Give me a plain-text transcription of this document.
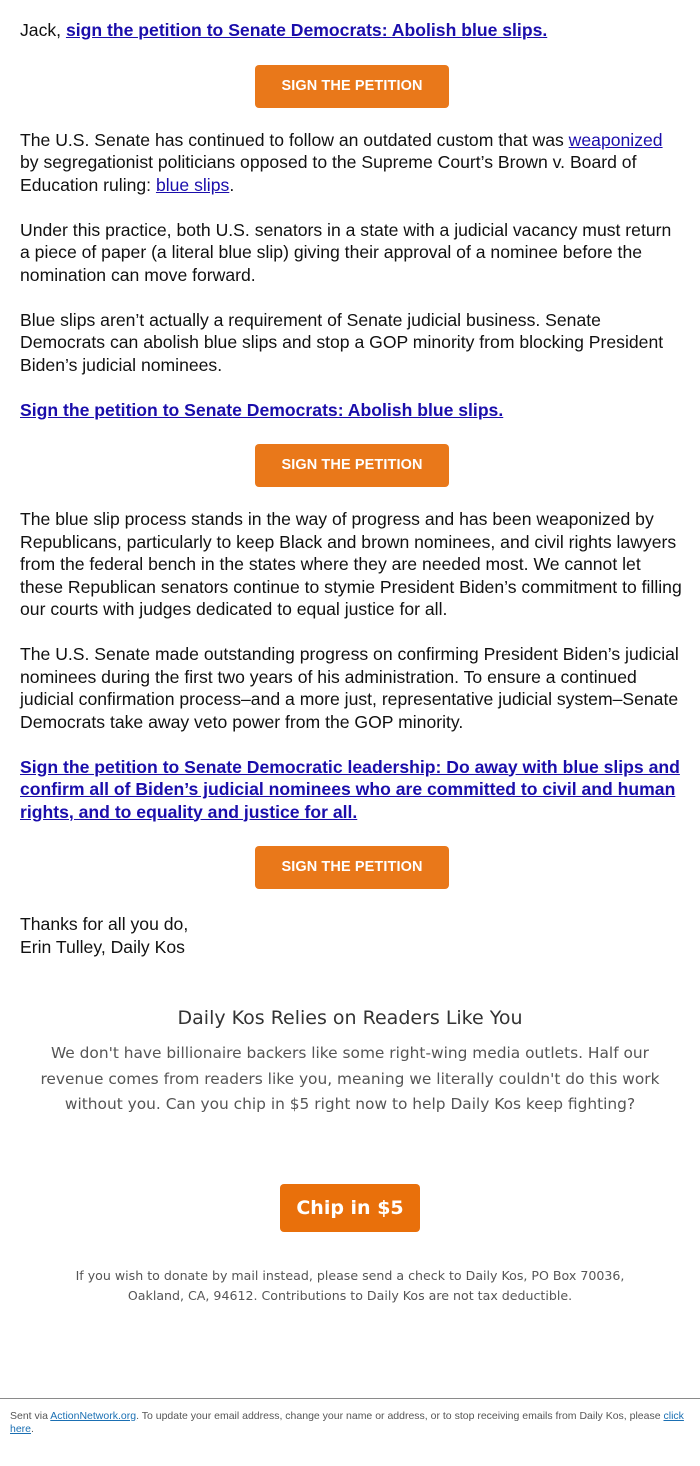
Jack, sign the petition to Senate Democrats: Abolish blue slips.

SIGN THE PETITION

The U.S. Senate has continued to follow an outdated custom that was weaponized by segregationist politicians opposed to the Supreme Court’s Brown v. Board of Education ruling: blue slips.

Under this practice, both U.S. senators in a state with a judicial vacancy must return a piece of paper (a literal blue slip) giving their approval of a nominee before the nomination can move forward.

Blue slips aren’t actually a requirement of Senate judicial business. Senate Democrats can abolish blue slips and stop a GOP minority from blocking President Biden’s judicial nominees.

Sign the petition to Senate Democrats: Abolish blue slips.

SIGN THE PETITION

The blue slip process stands in the way of progress and has been weaponized by Republicans, particularly to keep Black and brown nominees, and civil rights lawyers from the federal bench in the states where they are needed most. We cannot let these Republican senators continue to stymie President Biden’s commitment to filling our courts with judges dedicated to equal justice for all.

The U.S. Senate made outstanding progress on confirming President Biden’s judicial nominees during the first two years of his administration. To ensure a continued judicial confirmation process–and a more just, representative judicial system–Senate Democrats take away veto power from the GOP minority.

Sign the petition to Senate Democratic leadership: Do away with blue slips and confirm all of Biden’s judicial nominees who are committed to civil and human rights, and to equality and justice for all.

SIGN THE PETITION

Thanks for all you do,
Erin Tulley, Daily Kos

Daily Kos Relies on Readers Like You
We don't have billionaire backers like some right-wing media outlets. Half our revenue comes from readers like you, meaning we literally couldn't do this work without you. Can you chip in $5 right now to help Daily Kos keep fighting?
Chip in $5
If you wish to donate by mail instead, please send a check to Daily Kos, PO Box 70036, Oakland, CA, 94612. Contributions to Daily Kos are not tax deductible.
Sent via ActionNetwork.org. To update your email address, change your name or address, or to stop receiving emails from Daily Kos, please click here.
